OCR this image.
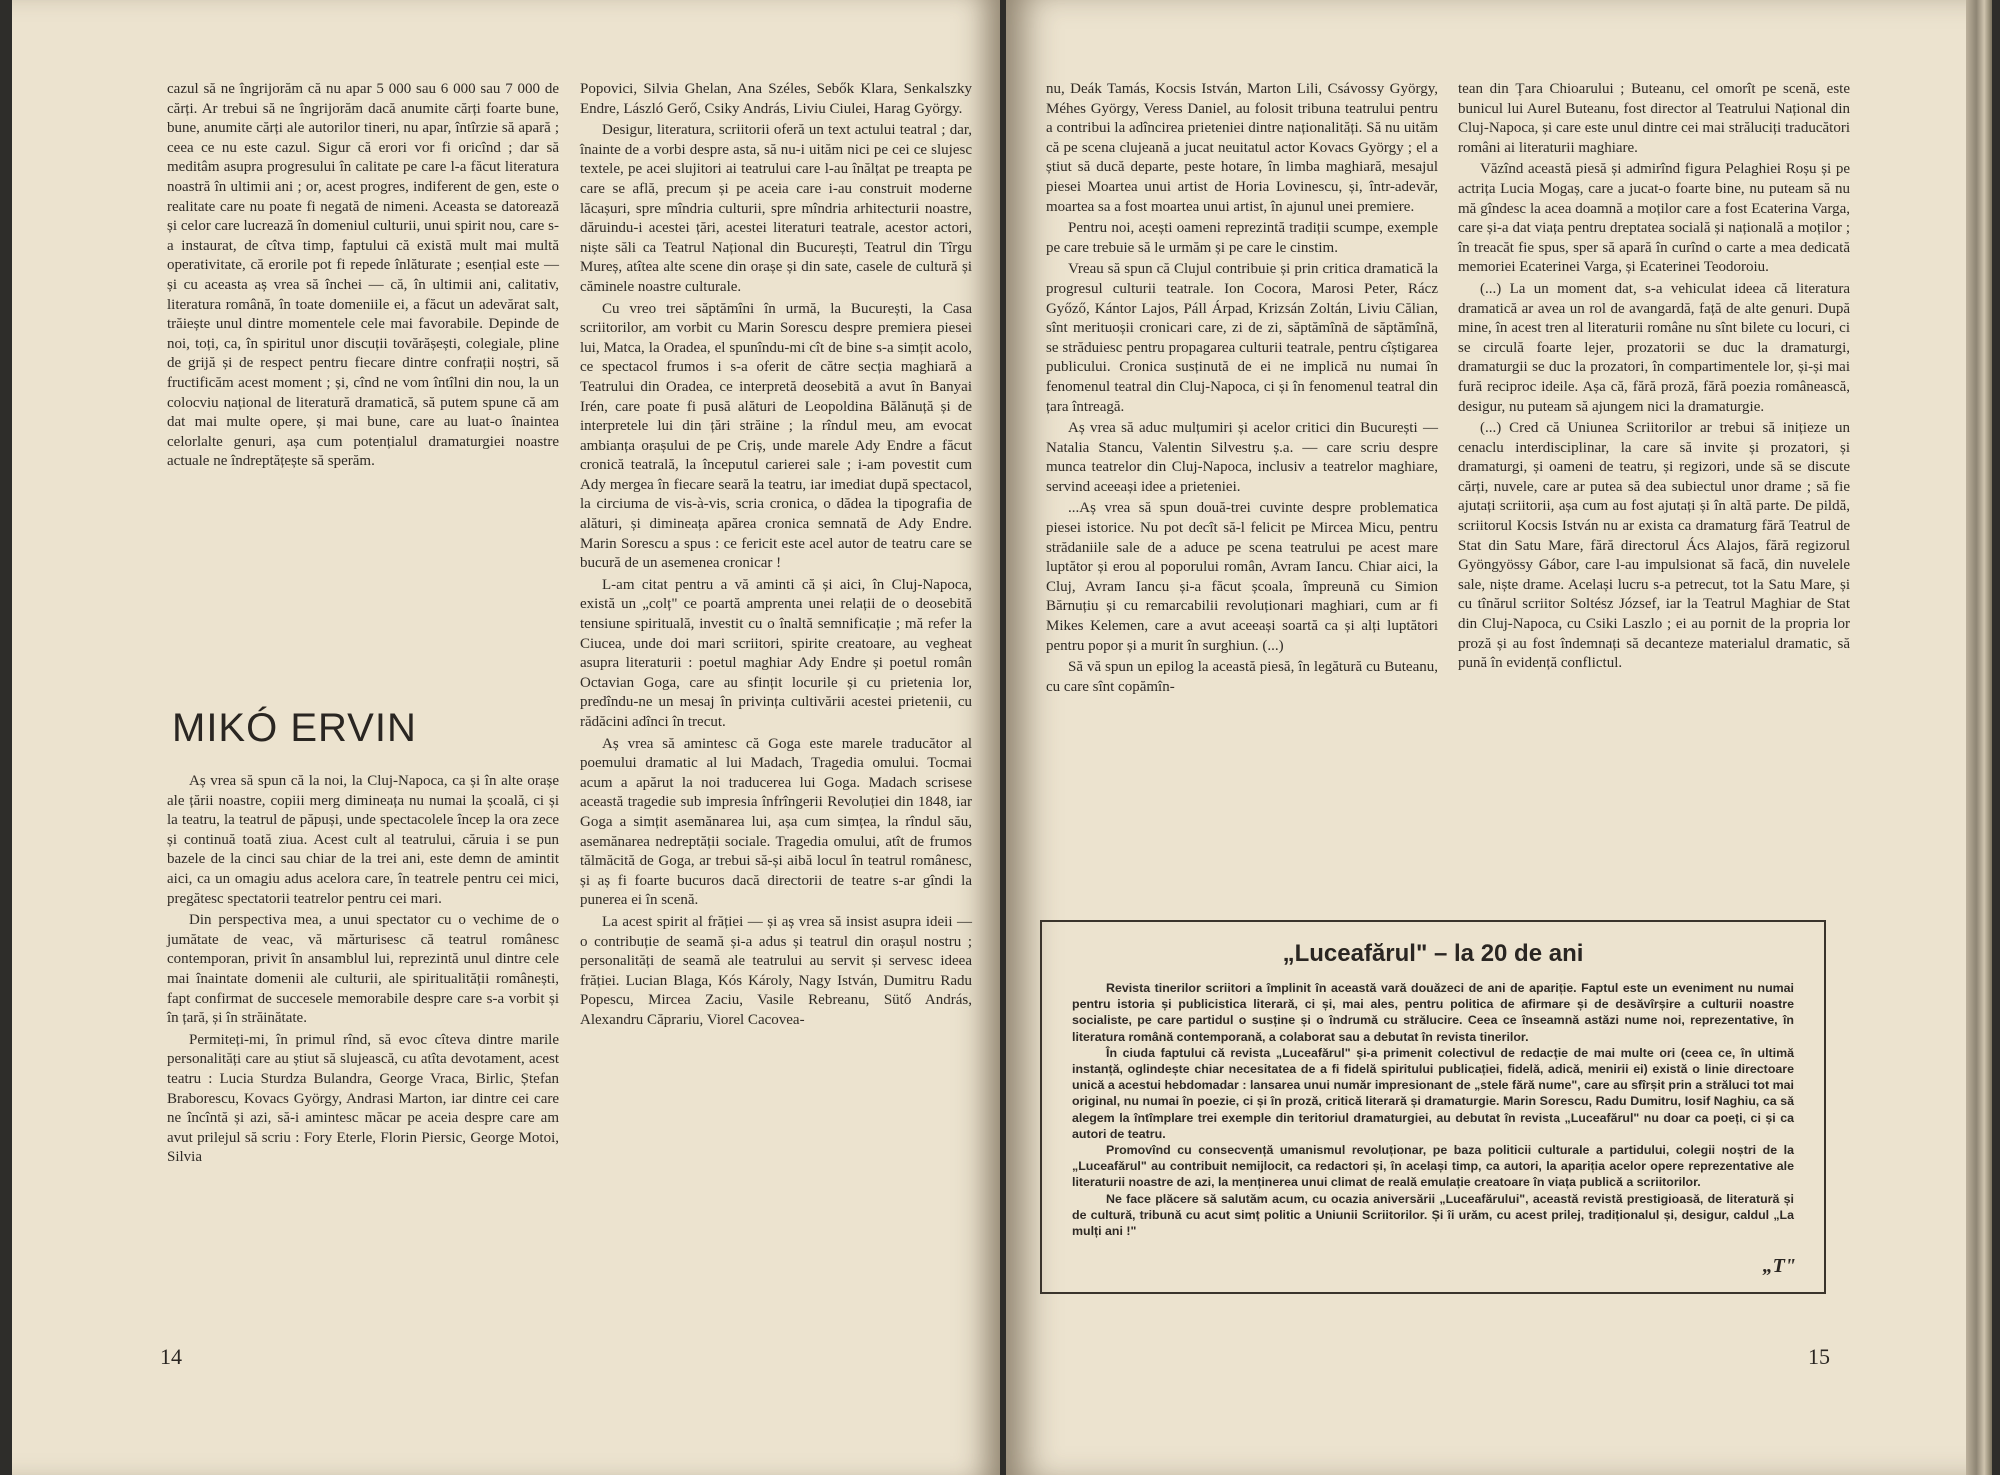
cazul să ne îngrijorăm că nu apar 5 000 sau 6 000 sau 7 000 de cărți. Ar trebui să ne îngrijorăm dacă anumite cărți foarte bune, bune, anumite cărți ale autorilor tineri, nu apar, întîrzie să apară ; ceea ce nu este cazul. Sigur că erori vor fi oricînd ; dar să meditâm asupra progresului în calitate pe care l-a făcut literatura noastră în ultimii ani ; or, acest progres, indiferent de gen, este o realitate care nu poate fi negată de nimeni. Aceasta se datorează și celor care lucrează în domeniul culturii, unui spirit nou, care s-a instaurat, de cîtva timp, faptului că există mult mai multă operativitate, că erorile pot fi repede înlăturate ; esențial este — și cu aceasta aș vrea să închei — că, în ultimii ani, calitativ, literatura română, în toate domeniile ei, a făcut un adevărat salt, trăiește unul dintre momentele cele mai favorabile. Depinde de noi, toți, ca, în spiritul unor discuții tovărășești, colegiale, pline de grijă și de respect pentru fiecare dintre confrații noștri, să fructificăm acest moment ; și, cînd ne vom întîlni din nou, la un colocviu național de literatură dramatică, să putem spune că am dat mai multe opere, și mai bune, care au luat-o înaintea celorlalte genuri, așa cum potențialul dramaturgiei noastre actuale ne îndreptățește să sperăm.

MIKÓ ERVIN

Aș vrea să spun că la noi, la Cluj-Napoca, ca și în alte orașe ale țării noastre, copiii merg dimineața nu numai la școală, ci și la teatru, la teatrul de păpuși, unde spectacolele încep la ora zece și continuă toată ziua. Acest cult al teatrului, căruia i se pun bazele de la cinci sau chiar de la trei ani, este demn de amintit aici, ca un omagiu adus acelora care, în teatrele pentru cei mici, pregătesc spectatorii teatrelor pentru cei mari.

Din perspectiva mea, a unui spectator cu o vechime de o jumătate de veac, vă mărturisesc că teatrul românesc contemporan, privit în ansamblul lui, reprezintă unul dintre cele mai înaintate domenii ale culturii, ale spiritualității românești, fapt confirmat de succesele memorabile despre care s-a vorbit și în țară, și în străinătate.

Permiteți-mi, în primul rînd, să evoc cîteva dintre marile personalități care au știut să slujească, cu atîta devotament, acest teatru : Lucia Sturdza Bulandra, George Vraca, Birlic, Ștefan Braborescu, Kovacs György, Andrasi Marton, iar dintre cei care ne încîntă și azi, să-i amintesc măcar pe aceia despre care am avut prilejul să scriu : Fory Eterle, Florin Piersic, George Motoi, Silvia

Popovici, Silvia Ghelan, Ana Széles, Sebők Klara, Senkalszky Endre, László Gerő, Csiky András, Liviu Ciulei, Harag György.

Desigur, literatura, scriitorii oferă un text actului teatral ; dar, înainte de a vorbi despre asta, să nu-i uităm nici pe cei ce slujesc textele, pe acei slujitori ai teatrului care l-au înălțat pe treapta pe care se află, precum și pe aceia care i-au construit moderne lăcașuri, spre mîndria culturii, spre mîndria arhitecturii noastre, dăruindu-i acestei țări, acestei literaturi teatrale, acestor actori, niște săli ca Teatrul Național din București, Teatrul din Tîrgu Mureș, atîtea alte scene din orașe și din sate, casele de cultură și căminele noastre culturale.

Cu vreo trei săptămîni în urmă, la București, la Casa scriitorilor, am vorbit cu Marin Sorescu despre premiera piesei lui, Matca, la Oradea, el spunîndu-mi cît de bine s-a simțit acolo, ce spectacol frumos i s-a oferit de către secția maghiară a Teatrului din Oradea, ce interpretă deosebită a avut în Banyai Irén, care poate fi pusă alături de Leopoldina Bălănuță și de interpretele lui din țări străine ; la rîndul meu, am evocat ambianța orașului de pe Criș, unde marele Ady Endre a făcut cronică teatrală, la începutul carierei sale ; i-am povestit cum Ady mergea în fiecare seară la teatru, iar imediat după spectacol, la circiuma de vis-à-vis, scria cronica, o dădea la tipografia de alături, și dimineața apărea cronica semnată de Ady Endre. Marin Sorescu a spus : ce fericit este acel autor de teatru care se bucură de un asemenea cronicar !

L-am citat pentru a vă aminti că și aici, în Cluj-Napoca, există un „colț" ce poartă amprenta unei relații de o deosebită tensiune spirituală, investit cu o înaltă semnificație ; mă refer la Ciucea, unde doi mari scriitori, spirite creatoare, au vegheat asupra literaturii : poetul maghiar Ady Endre și poetul român Octavian Goga, care au sfințit locurile și cu prietenia lor, predîndu-ne un mesaj în privința cultivării acestei prietenii, cu rădăcini adînci în trecut.

Aș vrea să amintesc că Goga este marele traducător al poemului dramatic al lui Madach, Tragedia omului. Tocmai acum a apărut la noi traducerea lui Goga. Madach scrisese această tragedie sub impresia înfrîngerii Revoluției din 1848, iar Goga a simțit asemănarea lui, așa cum simțea, la rîndul său, asemănarea nedreptății sociale. Tragedia omului, atît de frumos tălmăcită de Goga, ar trebui să-și aibă locul în teatrul românesc, și aș fi foarte bucuros dacă directorii de teatre s-ar gîndi la punerea ei în scenă.

La acest spirit al frăției — și aș vrea să insist asupra ideii — o contribuție de seamă și-a adus și teatrul din orașul nostru ; personalități de seamă ale teatrului au servit și servesc ideea frăției. Lucian Blaga, Kós Károly, Nagy István, Dumitru Radu Popescu, Mircea Zaciu, Vasile Rebreanu, Sütő András, Alexandru Căprariu, Viorel Cacovea-

14

nu, Deák Tamás, Kocsis István, Marton Lili, Csávossy György, Méhes György, Veress Daniel, au folosit tribuna teatrului pentru a contribui la adîncirea prieteniei dintre naționalități. Să nu uităm că pe scena clujeană a jucat neuitatul actor Kovacs György ; el a știut să ducă departe, peste hotare, în limba maghiară, mesajul piesei Moartea unui artist de Horia Lovinescu, și, într-adevăr, moartea sa a fost moartea unui artist, în ajunul unei premiere.

Pentru noi, acești oameni reprezintă tradiții scumpe, exemple pe care trebuie să le urmăm și pe care le cinstim.

Vreau să spun că Clujul contribuie și prin critica dramatică la progresul culturii teatrale. Ion Cocora, Marosi Peter, Rácz Győző, Kántor Lajos, Páll Árpad, Krizsán Zoltán, Liviu Călian, sînt merituoșii cronicari care, zi de zi, săptămînă de săptămînă, se străduiesc pentru propagarea culturii teatrale, pentru cîștigarea publicului. Cronica susținută de ei ne implică nu numai în fenomenul teatral din Cluj-Napoca, ci și în fenomenul teatral din țara întreagă.

Aș vrea să aduc mulțumiri și acelor critici din București — Natalia Stancu, Valentin Silvestru ș.a. — care scriu despre munca teatrelor din Cluj-Napoca, inclusiv a teatrelor maghiare, servind aceeași idee a prieteniei.

...Aș vrea să spun două-trei cuvinte despre problematica piesei istorice. Nu pot decît să-l felicit pe Mircea Micu, pentru strădaniile sale de a aduce pe scena teatrului pe acest mare luptător și erou al poporului român, Avram Iancu. Chiar aici, la Cluj, Avram Iancu și-a făcut școala, împreună cu Simion Bărnuțiu și cu remarcabilii revoluționari maghiari, cum ar fi Mikes Kelemen, care a avut aceeași soartă ca și alți luptători pentru popor și a murit în surghiun. (...)

Să vă spun un epilog la această piesă, în legătură cu Buteanu, cu care sînt copămîn-

tean din Țara Chioarului ; Buteanu, cel omorît pe scenă, este bunicul lui Aurel Buteanu, fost director al Teatrului Național din Cluj-Napoca, și care este unul dintre cei mai străluciți traducători români ai literaturii maghiare.

Văzînd această piesă și admirînd figura Pelaghiei Roșu și pe actrița Lucia Mogaș, care a jucat-o foarte bine, nu puteam să nu mă gîndesc la acea doamnă a moților care a fost Ecaterina Varga, care și-a dat viața pentru dreptatea socială și națională a moților ; în treacăt fie spus, sper să apară în curînd o carte a mea dedicată memoriei Ecaterinei Varga, și Ecaterinei Teodoroiu.

(...) La un moment dat, s-a vehiculat ideea că literatura dramatică ar avea un rol de avangardă, față de alte genuri. După mine, în acest tren al literaturii române nu sînt bilete cu locuri, ci se circulă foarte lejer, prozatorii se duc la dramaturgi, dramaturgii se duc la prozatori, în compartimentele lor, și-și mai fură reciproc ideile. Așa că, fără proză, fără poezia românească, desigur, nu puteam să ajungem nici la dramaturgie.

(...) Cred că Uniunea Scriitorilor ar trebui să inițieze un cenaclu interdisciplinar, la care să invite și prozatori, și dramaturgi, și oameni de teatru, și regizori, unde să se discute cărți, nuvele, care ar putea să dea subiectul unor drame ; să fie ajutați scriitorii, așa cum au fost ajutați și în altă parte. De pildă, scriitorul Kocsis István nu ar exista ca dramaturg fără Teatrul de Stat din Satu Mare, fără directorul Ács Alajos, fără regizorul Gyöngyössy Gábor, care l-au impulsionat să facă, din nuvelele sale, niște drame. Același lucru s-a petrecut, tot la Satu Mare, și cu tînărul scriitor Soltész József, iar la Teatrul Maghiar de Stat din Cluj-Napoca, cu Csiki Laszlo ; ei au pornit de la propria lor proză și au fost îndemnați să decanteze materialul dramatic, să pună în evidență conflictul.

15
„Luceafărul" – la 20 de ani

Revista tinerilor scriitori a împlinit în această vară douăzeci de ani de apariție. Faptul este un eveniment nu numai pentru istoria și publicistica literară, ci și, mai ales, pentru politica de afirmare și de desăvîrșire a culturii noastre socialiste, pe care partidul o susține și o îndrumă cu strălucire. Ceea ce înseamnă astăzi nume noi, reprezentative, în literatura română contemporană, a colaborat sau a debutat în revista tinerilor.

În ciuda faptului că revista „Luceafărul" și-a primenit colectivul de redacție de mai multe ori (ceea ce, în ultimă instanță, oglindește chiar necesitatea de a fi fidelă spiritului publicației, fidelă, adică, menirii ei) există o linie directoare unică a acestui hebdomadar : lansarea unui număr impresionant de „stele fără nume", care au sfîrșit prin a străluci tot mai original, nu numai în poezie, ci și în proză, critică literară și dramaturgie. Marin Sorescu, Radu Dumitru, Iosif Naghiu, ca să alegem la întîmplare trei exemple din teritoriul dramaturgiei, au debutat în revista „Luceafărul" nu doar ca poeți, ci și ca autori de teatru.

Promovînd cu consecvență umanismul revoluționar, pe baza politicii culturale a partidului, colegii noștri de la „Luceafărul" au contribuit nemijlocit, ca redactori și, în același timp, ca autori, la apariția acelor opere reprezentative ale literaturii noastre de azi, la menținerea unui climat de reală emulație creatoare în viața publică a scriitorilor.

Ne face plăcere să salutăm acum, cu ocazia aniversării „Luceafărului", această revistă prestigioasă, de literatură și de cultură, tribună cu acut simț politic a Uniunii Scriitorilor. Și îi urăm, cu acest prilej, tradiționalul și, desigur, caldul „La mulți ani !"

„T"
